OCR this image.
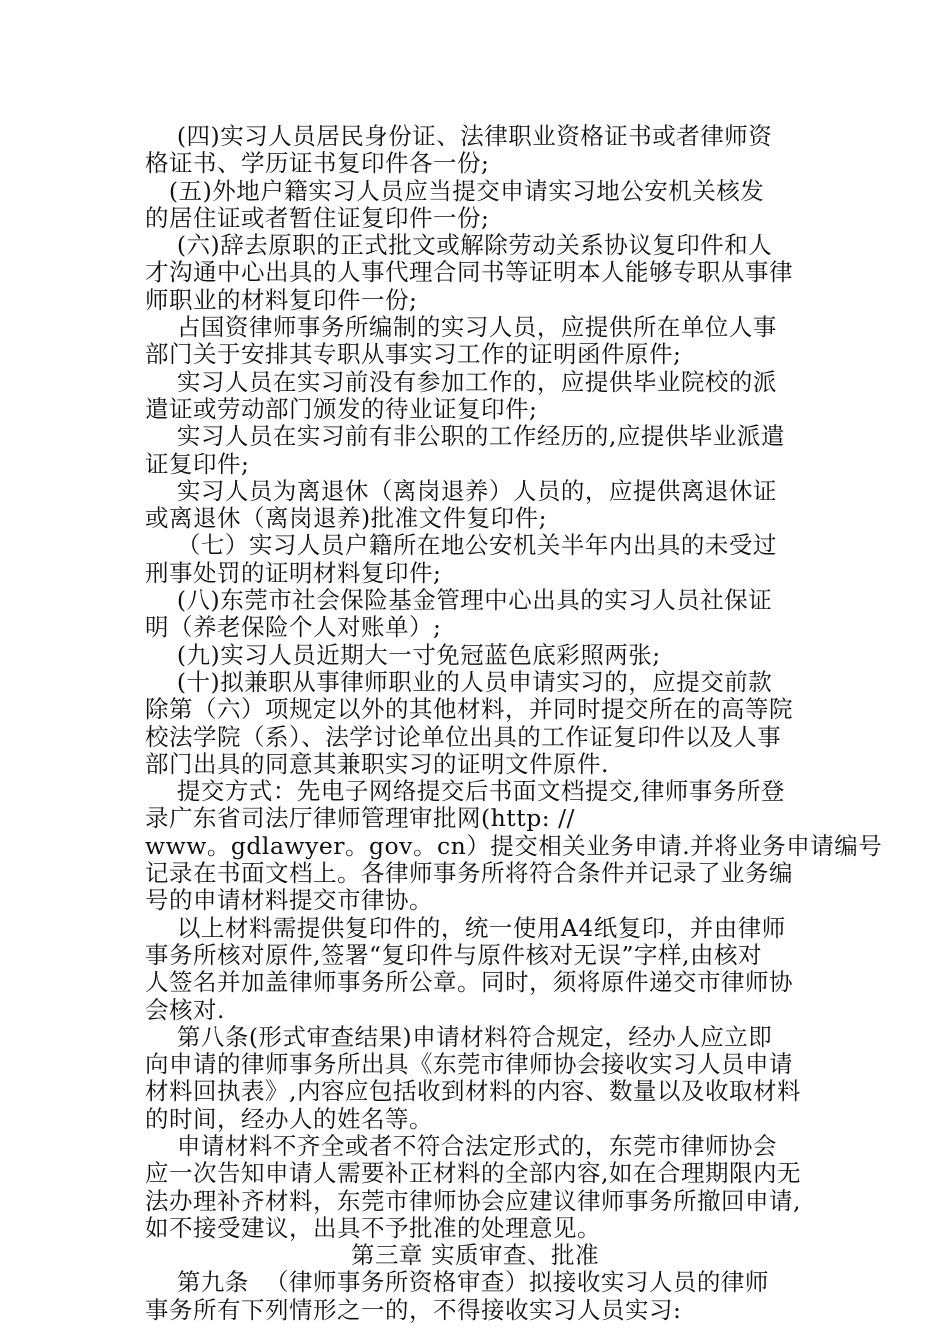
(四)实习人员居民身份证、法律职业资格证书或者律师资
格证书、学历证书复印件各一份;
(五)外地户籍实习人员应当提交申请实习地公安机关核发
的居住证或者暂住证复印件一份;
(六)辞去原职的正式批文或解除劳动关系协议复印件和人
才沟通中心出具的人事代理合同书等证明本人能够专职从事律
师职业的材料复印件一份;
占国资律师事务所编制的实习人员，应提供所在单位人事
部门关于安排其专职从事实习工作的证明函件原件;
实习人员在实习前没有参加工作的，应提供毕业院校的派
遣证或劳动部门颁发的待业证复印件;
实习人员在实习前有非公职的工作经历的,应提供毕业派遣
证复印件;
实习人员为离退休（离岗退养）人员的，应提供离退休证
或离退休（离岗退养)批准文件复印件;
（七）实习人员户籍所在地公安机关半年内出具的未受过
刑事处罚的证明材料复印件;
(八)东莞市社会保险基金管理中心出具的实习人员社保证
明（养老保险个人对账单）;
(九)实习人员近期大一寸免冠蓝色底彩照两张;
(十)拟兼职从事律师职业的人员申请实习的，应提交前款
除第（六）项规定以外的其他材料，并同时提交所在的高等院
校法学院（系）、法学讨论单位出具的工作证复印件以及人事
部门出具的同意其兼职实习的证明文件原件.
提交方式：先电子网络提交后书面文档提交,律师事务所登
录广东省司法厅律师管理审批网(http: //
www。gdlawyer。gov。cn）提交相关业务申请.并将业务申请编号
记录在书面文档上。各律师事务所将符合条件并记录了业务编
号的申请材料提交市律协。
以上材料需提供复印件的，统一使用A4纸复印，并由律师
事务所核对原件,签署“复印件与原件核对无误”字样,由核对
人签名并加盖律师事务所公章。同时，须将原件递交市律师协
会核对.
第八条(形式审查结果)申请材料符合规定，经办人应立即
向申请的律师事务所出具《东莞市律师协会接收实习人员申请
材料回执表》,内容应包括收到材料的内容、数量以及收取材料
的时间，经办人的姓名等。
申请材料不齐全或者不符合法定形式的，东莞市律师协会
应一次告知申请人需要补正材料的全部内容,如在合理期限内无
法办理补齐材料，东莞市律师协会应建议律师事务所撤回申请,
如不接受建议，出具不予批准的处理意见。
第三章 实质审查、批准
第九条  （律师事务所资格审查）拟接收实习人员的律师
事务所有下列情形之一的，不得接收实习人员实习:
